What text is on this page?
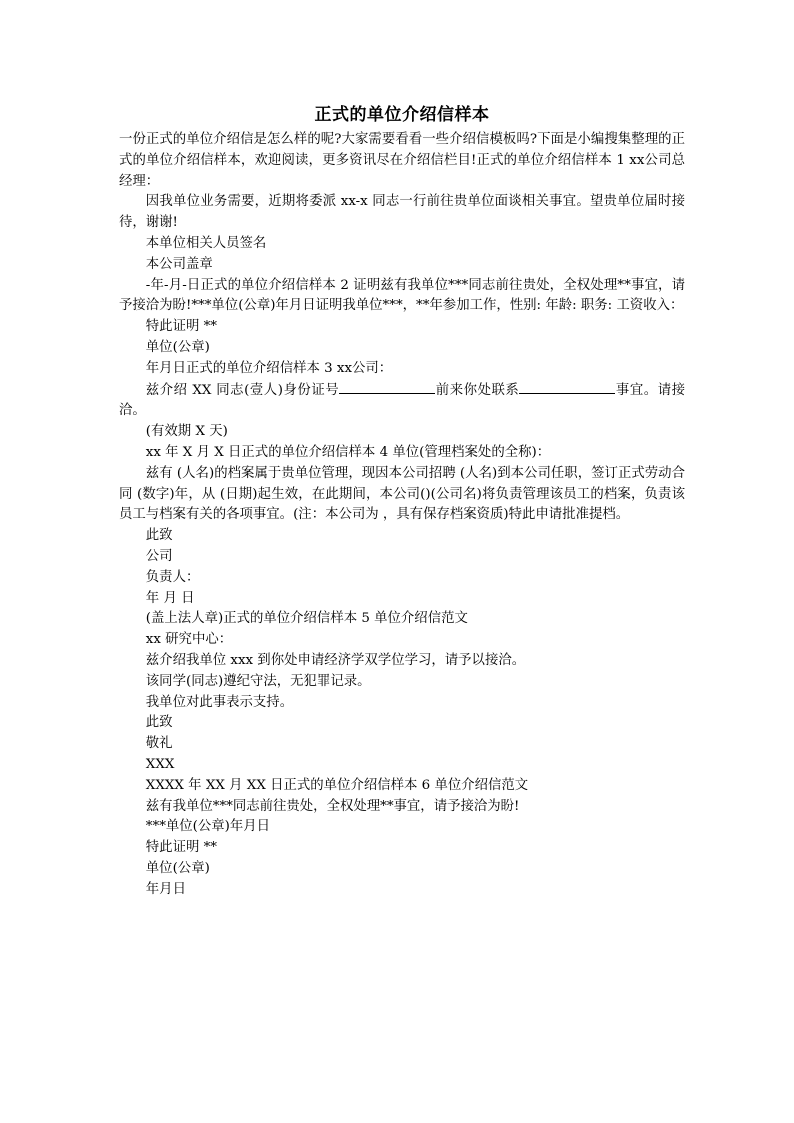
正式的单位介绍信样本

一份正式的单位介绍信是怎么样的呢?大家需要看看一些介绍信模板吗?下面是小编搜集整理的正式的单位介绍信样本，欢迎阅读，更多资讯尽在介绍信栏目!正式的单位介绍信样本 1 xx公司总经理：

因我单位业务需要，近期将委派 xx-x 同志一行前往贵单位面谈相关事宜。望贵单位届时接待，谢谢!

本单位相关人员签名

本公司盖章

-年-月-日正式的单位介绍信样本 2 证明兹有我单位***同志前往贵处，全权处理**事宜，请予接洽为盼!***单位(公章)年月日证明我单位***，**年参加工作，性别: 年龄: 职务: 工资收入：

特此证明 **

单位(公章)

年月日正式的单位介绍信样本 3 xx公司：

兹介绍 XX 同志(壹人)身份证号	前来你处联系	事宜。请接洽。

(有效期 X 天)

xx 年 X 月 X 日正式的单位介绍信样本 4 单位(管理档案处的全称)：

兹有 (人名)的档案属于贵单位管理，现因本公司招聘 (人名)到本公司任职，签订正式劳动合同 (数字)年，从 (日期)起生效，在此期间，本公司()(公司名)将负责管理该员工的档案，负责该员工与档案有关的各项事宜。(注：本公司为 ，具有保存档案资质)特此申请批准提档。

此致

公司

负责人：

年 月 日

(盖上法人章)正式的单位介绍信样本 5 单位介绍信范文

xx 研究中心：

兹介绍我单位 xxx 到你处申请经济学双学位学习，请予以接洽。

该同学(同志)遵纪守法，无犯罪记录。

我单位对此事表示支持。

此致

敬礼

XXX

XXXX 年 XX 月 XX 日正式的单位介绍信样本 6 单位介绍信范文

兹有我单位***同志前往贵处，全权处理**事宜，请予接洽为盼!

***单位(公章)年月日

特此证明 **

单位(公章)

年月日
